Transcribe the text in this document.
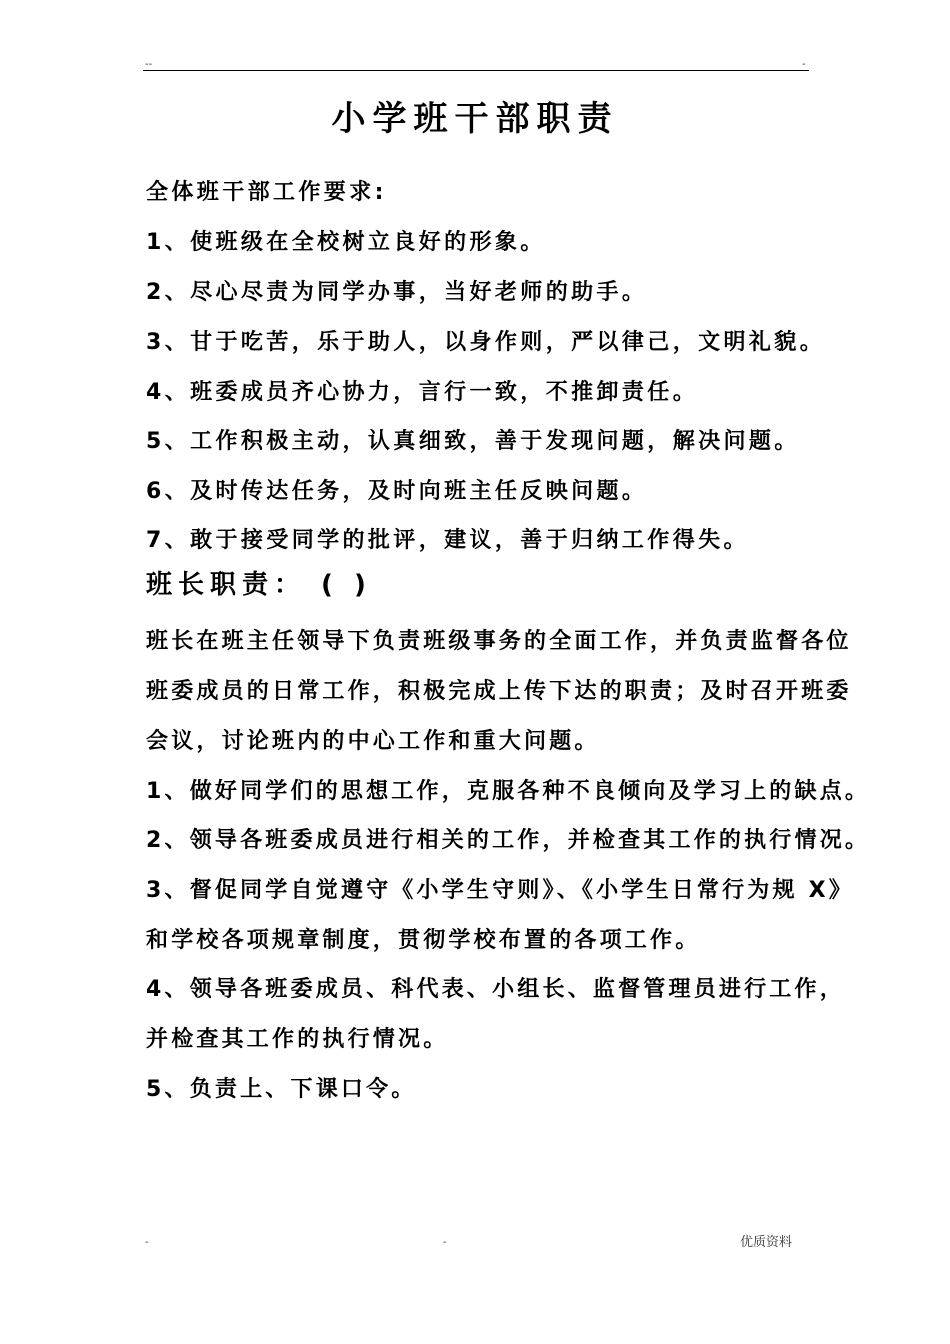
--	-
小学班干部职责
全体班干部工作要求:
1、使班级在全校树立良好的形象。
2、尽心尽责为同学办事，当好老师的助手。
3、甘于吃苦，乐于助人，以身作则，严以律己，文明礼貌。
4、班委成员齐心协力，言行一致，不推卸责任。
5、工作积极主动，认真细致，善于发现问题，解决问题。
6、及时传达任务，及时向班主任反映问题。
7、敢于接受同学的批评，建议，善于归纳工作得失。
班长职责： ( )
班长在班主任领导下负责班级事务的全面工作，并负责监督各位
班委成员的日常工作，积极完成上传下达的职责；及时召开班委
会议，讨论班内的中心工作和重大问题。
1、做好同学们的思想工作，克服各种不良倾向及学习上的缺点。
2、领导各班委成员进行相关的工作，并检查其工作的执行情况。
3、督促同学自觉遵守《小学生守则》、《小学生日常行为规 X》
和学校各项规章制度，贯彻学校布置的各项工作。
4、领导各班委成员、科代表、小组长、监督管理员进行工作，
并检查其工作的执行情况。
5、负责上、下课口令。
-	-	优质资料
